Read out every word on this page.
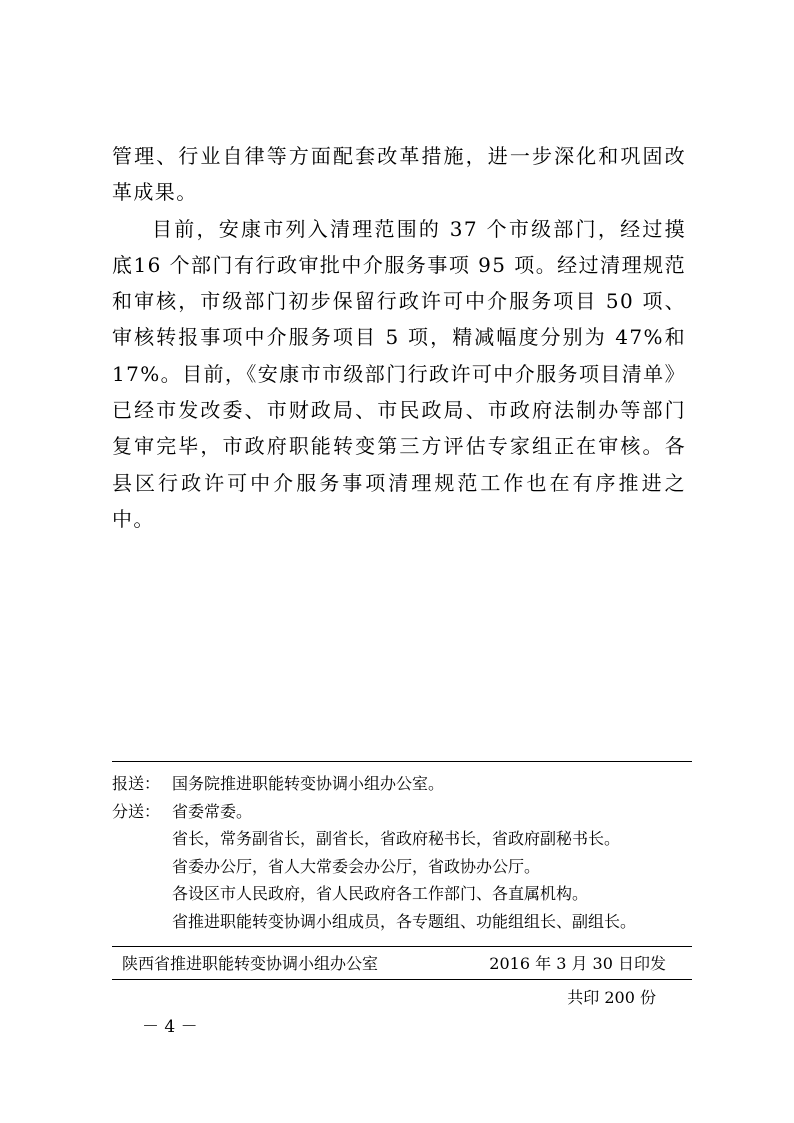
管理、行业自律等方面配套改革措施，进一步深化和巩固改革成果。

目前，安康市列入清理范围的 37 个市级部门，经过摸底16 个部门有行政审批中介服务事项 95 项。经过清理规范和审核，市级部门初步保留行政许可中介服务项目 50 项、审核转报事项中介服务项目 5 项，精减幅度分别为 47%和 17%。目前，《安康市市级部门行政许可中介服务项目清单》已经市发改委、市财政局、市民政局、市政府法制办等部门复审完毕，市政府职能转变第三方评估专家组正在审核。各县区行政许可中介服务事项清理规范工作也在有序推进之中。

报送： 国务院推进职能转变协调小组办公室。
分送： 省委常委。
省长，常务副省长，副省长，省政府秘书长，省政府副秘书长。
省委办公厅，省人大常委会办公厅，省政协办公厅。
各设区市人民政府，省人民政府各工作部门、各直属机构。
省推进职能转变协调小组成员，各专题组、功能组组长、副组长。
陕西省推进职能转变协调小组办公室	2016 年 3 月 30 日印发
共印 200 份
－ 4 －
